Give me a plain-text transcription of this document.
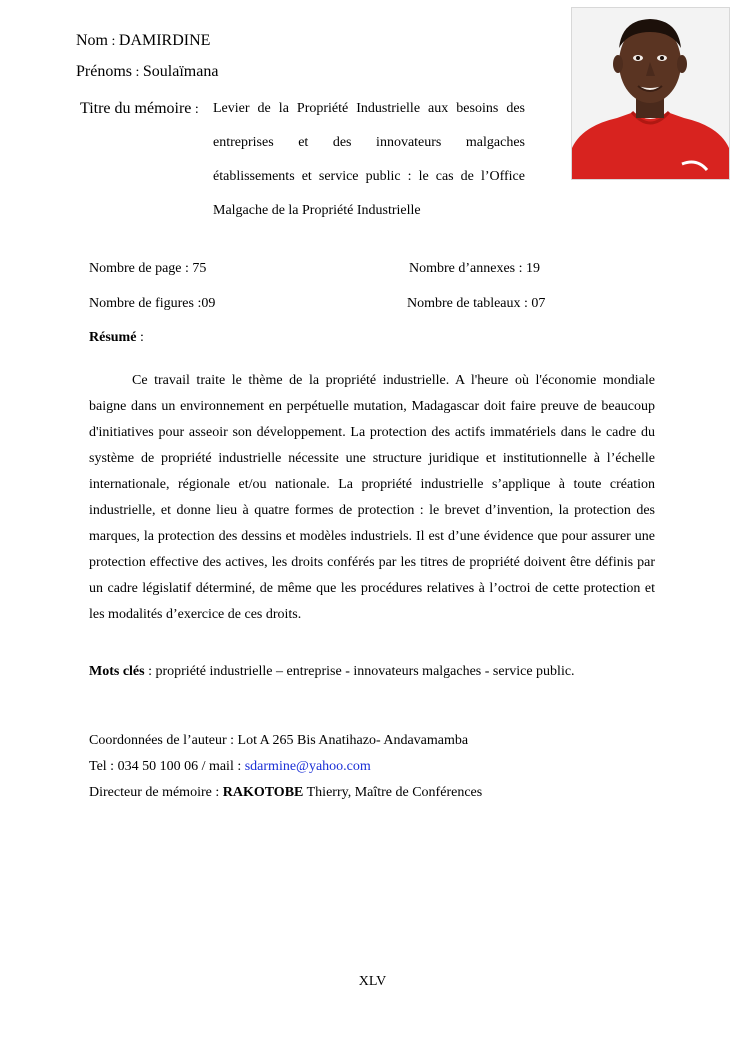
Nom : DAMIRDINE
Prénoms : Soulaïmana
Titre du mémoire : Levier de la Propriété Industrielle aux besoins des
entreprises et des innovateurs malgaches
établissements et service public : le cas de l’Office
Malgache de la Propriété Industrielle
Nombre de page : 75	Nombre d’annexes : 19
Nombre de figures :09	Nombre de tableaux : 07
Résumé :
Ce travail traite le thème de la propriété industrielle. A l'heure où l'économie mondiale baigne dans un environnement en perpétuelle mutation, Madagascar doit faire preuve de beaucoup d'initiatives pour asseoir son développement. La protection des actifs immatériels dans le cadre du système de propriété industrielle nécessite une structure juridique et institutionnelle à l’échelle internationale, régionale et/ou nationale. La propriété industrielle s’applique à toute création industrielle, et donne lieu à quatre formes de protection : le brevet d’invention, la protection des marques, la protection des dessins et modèles industriels. Il est d’une évidence que pour assurer une protection effective des actives, les droits conférés par les titres de propriété doivent être définis par un cadre législatif déterminé, de même que les procédures relatives à l’octroi de cette protection et les modalités d’exercice de ces droits.
Mots clés : propriété industrielle – entreprise - innovateurs malgaches - service public.
Coordonnées de l’auteur : Lot A 265 Bis Anatihazo- Andavamamba
Tel : 034 50 100 06 / mail : sdarmine@yahoo.com
Directeur de mémoire : RAKOTOBE Thierry, Maître de Conférences
XLV
